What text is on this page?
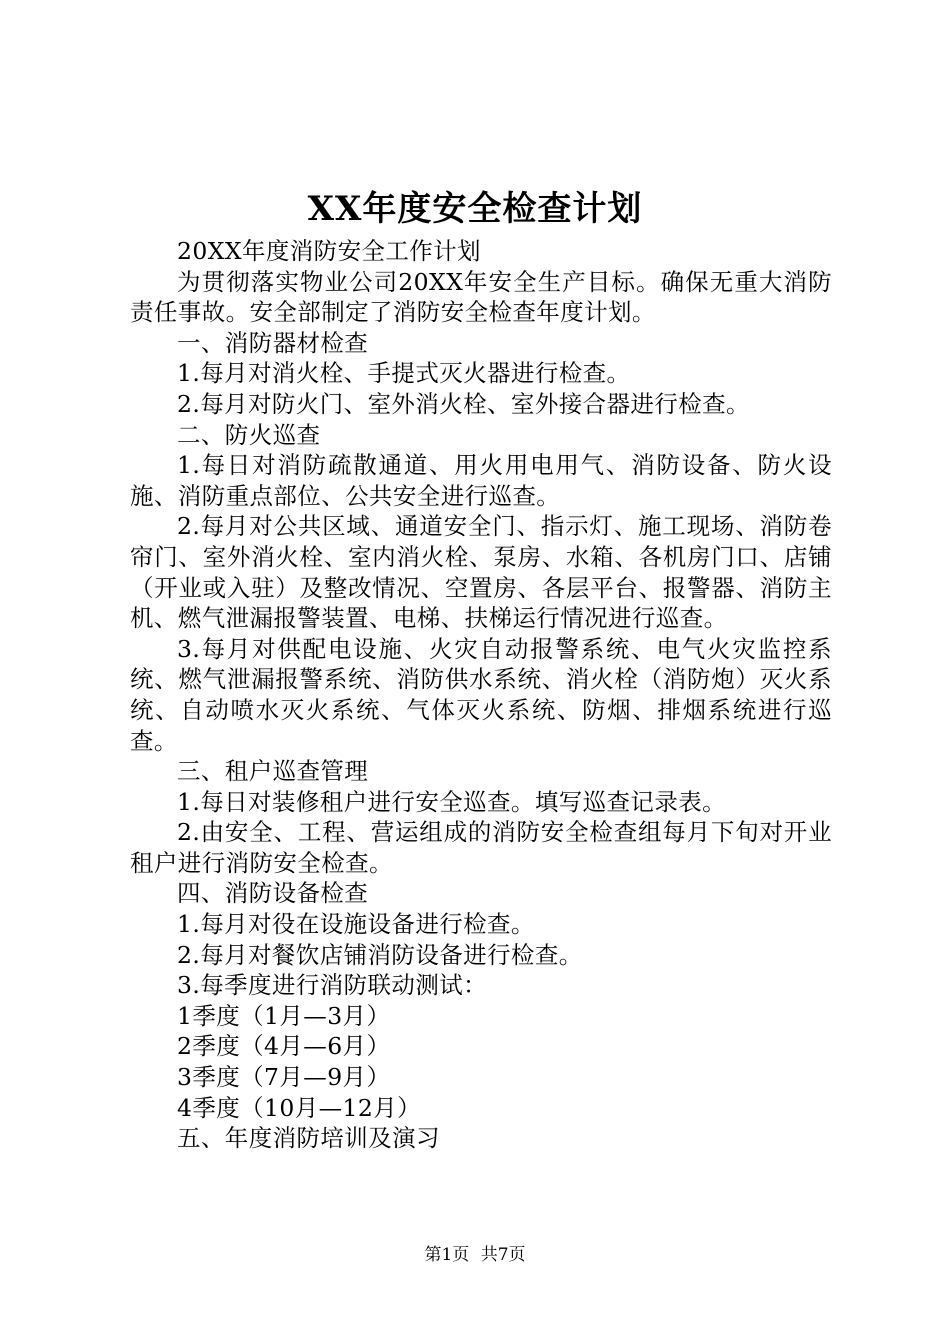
XX年度安全检查计划

20XX年度消防安全工作计划

为贯彻落实物业公司20XX年安全生产目标。确保无重大消防责任事故。安全部制定了消防安全检查年度计划。

一、消防器材检查

1.每月对消火栓、手提式灭火器进行检查。

2.每月对防火门、室外消火栓、室外接合器进行检查。

二、防火巡查

1.每日对消防疏散通道、用火用电用气、消防设备、防火设施、消防重点部位、公共安全进行巡查。

2.每月对公共区域、通道安全门、指示灯、施工现场、消防卷帘门、室外消火栓、室内消火栓、泵房、水箱、各机房门口、店铺（开业或入驻）及整改情况、空置房、各层平台、报警器、消防主机、燃气泄漏报警装置、电梯、扶梯运行情况进行巡查。

3.每月对供配电设施、火灾自动报警系统、电气火灾监控系统、燃气泄漏报警系统、消防供水系统、消火栓（消防炮）灭火系统、自动喷水灭火系统、气体灭火系统、防烟、排烟系统进行巡查。

三、租户巡查管理

1.每日对装修租户进行安全巡查。填写巡查记录表。

2.由安全、工程、营运组成的消防安全检查组每月下旬对开业租户进行消防安全检查。

四、消防设备检查

1.每月对役在设施设备进行检查。

2.每月对餐饮店铺消防设备进行检查。

3.每季度进行消防联动测试：

1季度（1月—3月）

2季度（4月—6月）

3季度（7月—9月）

4季度（10月—12月）

五、年度消防培训及演习

第1页 共7页
